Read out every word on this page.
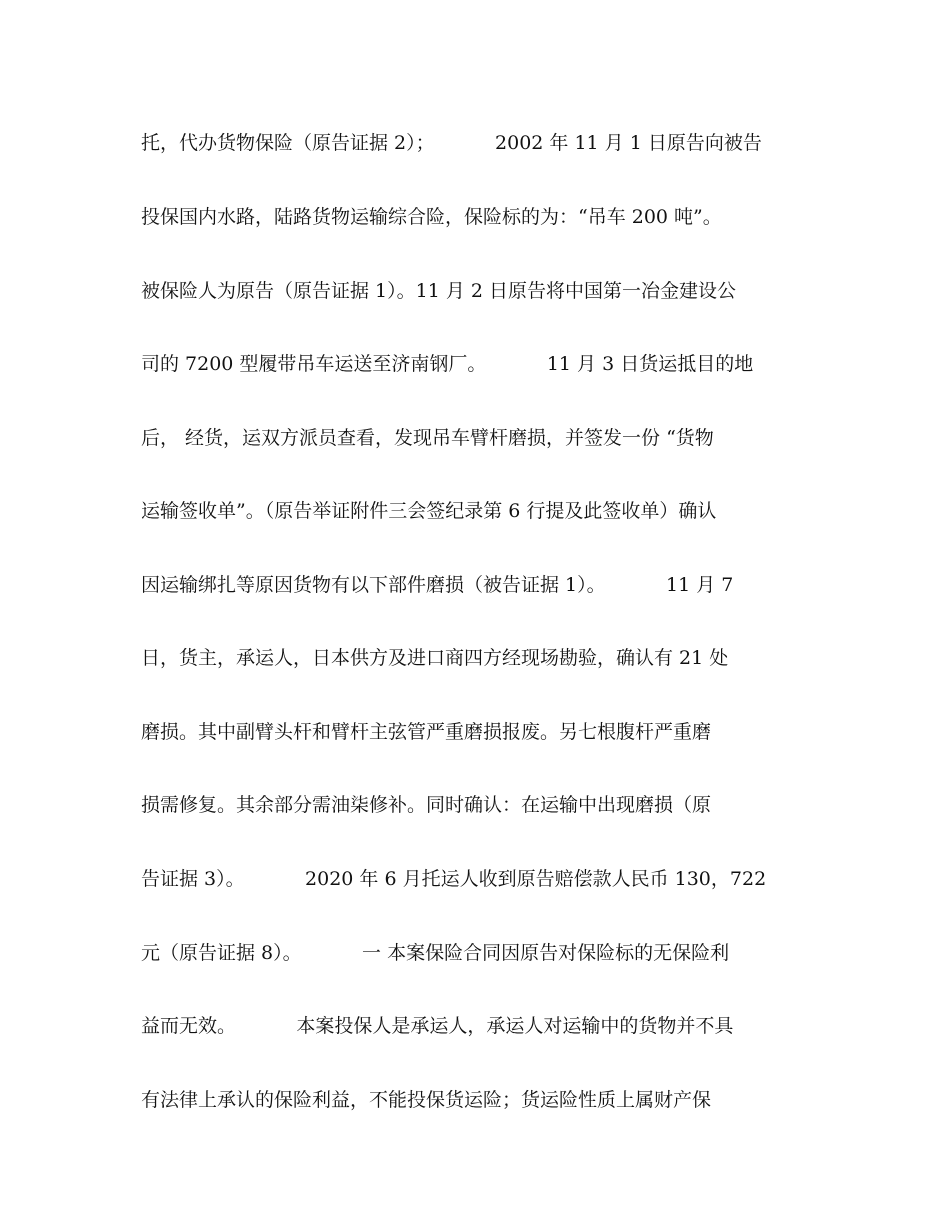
托，代办货物保险（原告证据 2）；          2002 年 11 月 1 日原告向被告
投保国内水路，陆路货物运输综合险，保险标的为：“吊车 200 吨”。
被保险人为原告（原告证据 1）。11 月 2 日原告将中国第一冶金建设公
司的 7200 型履带吊车运送至济南钢厂。          11 月 3 日货运抵目的地
后， 经货，运双方派员查看，发现吊车臂杆磨损，并签发一份 “货物
运输签收单”。（原告举证附件三会签纪录第 6 行提及此签收单）确认
因运输绑扎等原因货物有以下部件磨损（被告证据 1）。          11 月 7
日，货主，承运人，日本供方及进口商四方经现场勘验，确认有 21 处
磨损。其中副臂头杆和臂杆主弦管严重磨损报废。另七根腹杆严重磨
损需修复。其余部分需油柒修补。同时确认：在运输中出现磨损（原
告证据 3）。          2020 年 6 月托运人收到原告赔偿款人民币 130，722
元（原告证据 8）。          一 本案保险合同因原告对保险标的无保险利
益而无效。          本案投保人是承运人，承运人对运输中的货物并不具
有法律上承认的保险利益，不能投保货运险；货运险性质上属财产保
